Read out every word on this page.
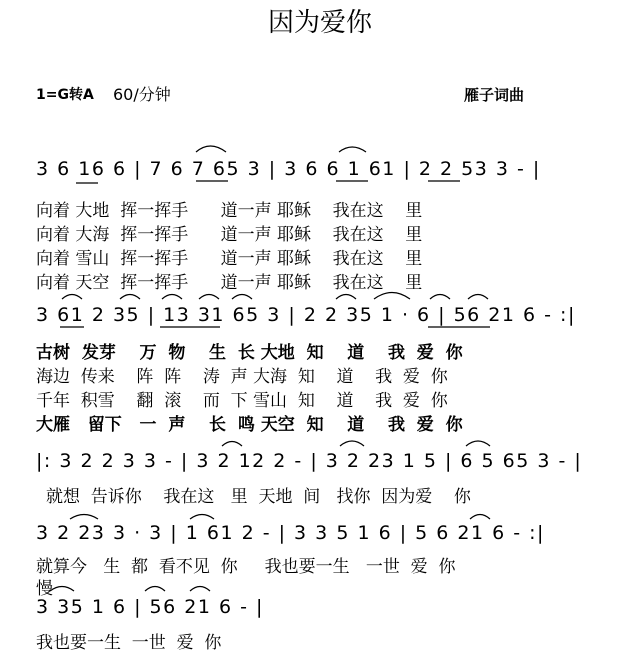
因为爱你
1=G转A 60/分钟	雁子词曲
3 6 16 6 | 7 6 7 65 3 | 3 6 6 1 61 | 2 2 53 3 - |
向着 大地  挥一挥手      道一声 耶稣    我在这    里
向着 大海  挥一挥手      道一声 耶稣    我在这    里
向着 雪山  挥一挥手      道一声 耶稣    我在这    里
向着 天空  挥一挥手      道一声 耶稣    我在这    里
3 61 2 35 | 13 31 65 3 | 2 2 35 1 · 6 | 56 21 6 - :|
古树  发芽    万  物    生  长 大地  知    道    我  爱  你
海边  传来    阵  阵    涛  声 大海  知    道    我  爱  你
千年  积雪    翻  滚    而  下 雪山  知    道    我  爱  你
大雁   留下   一  声    长  鸣 天空  知    道    我  爱  你
|: 3 2 2 3 3 - | 3 2 12 2 - | 3 2 23 1 5 | 6 5 65 3 - |
就想  告诉你    我在这   里  天地  间   找你  因为爱    你
3 2 23 3 · 3 | 1 61 2 - | 3 3 5 1 6 | 5 6 21 6 - :|
就算今   生  都  看不见  你     我也要一生   一世  爱  你
慢
3 35 1 6 | 56 21 6 - |
我也要一生  一世  爱  你
